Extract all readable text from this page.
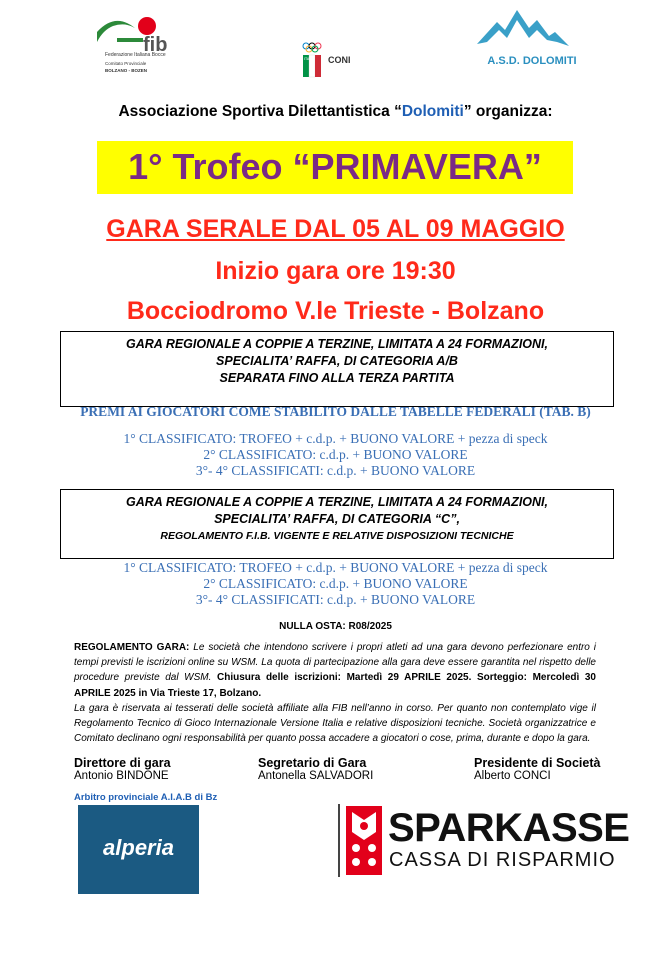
fib
Federazione Italiana Bocce
Comitato Provinciale
BOLZANO - BOZEN
ITALIA CONI	A.S.D. DOLOMITI
Associazione Sportiva Dilettantistica “Dolomiti” organizza:
1° Trofeo “PRIMAVERA”
GARA SERALE DAL 05 AL 09 MAGGIO
Inizio gara ore 19:30
Bocciodromo V.le Trieste - Bolzano
GARA REGIONALE A COPPIE A TERZINE, LIMITATA A 24 FORMAZIONI,
SPECIALITA’ RAFFA, DI CATEGORIA A/B
SEPARATA FINO ALLA TERZA PARTITA
PREMI AI GIOCATORI COME STABILITO DALLE TABELLE FEDERALI (TAB. B)
1° CLASSIFICATO: TROFEO + c.d.p. + BUONO VALORE + pezza di speck
2° CLASSIFICATO: c.d.p. + BUONO VALORE
3°- 4° CLASSIFICATI: c.d.p. + BUONO VALORE
GARA REGIONALE A COPPIE A TERZINE, LIMITATA A 24 FORMAZIONI,
SPECIALITA’ RAFFA, DI CATEGORIA “C”,
REGOLAMENTO F.I.B. VIGENTE E RELATIVE DISPOSIZIONI TECNICHE
1° CLASSIFICATO: TROFEO + c.d.p. + BUONO VALORE + pezza di speck
2° CLASSIFICATO: c.d.p. + BUONO VALORE
3°- 4° CLASSIFICATI: c.d.p. + BUONO VALORE
NULLA OSTA: R08/2025
REGOLAMENTO GARA: Le società che intendono scrivere i propri atleti ad una gara devono perfezionare entro i tempi previsti le iscrizioni online su WSM. La quota di partecipazione alla gara deve essere garantita nel rispetto delle procedure previste dal WSM. Chiusura delle iscrizioni: Martedì 29 APRILE 2025. Sorteggio: Mercoledì 30 APRILE 2025 in Via Trieste 17, Bolzano.
La gara è riservata ai tesserati delle società affiliate alla FIB nell’anno in corso. Per quanto non contemplato vige il Regolamento Tecnico di Gioco Internazionale Versione Italia e relative disposizioni tecniche. Società organizzatrice e Comitato declinano ogni responsabilità per quanto possa accadere a giocatori o cose, prima, durante e dopo la gara.
Direttore di gara
Antonio BINDONE
Segretario di Gara
Antonella SALVADORI
Presidente di Società
Alberto CONCI
Arbitro provinciale A.I.A.B di Bz
alperia	SPARKASSE
CASSA DI RISPARMIO
